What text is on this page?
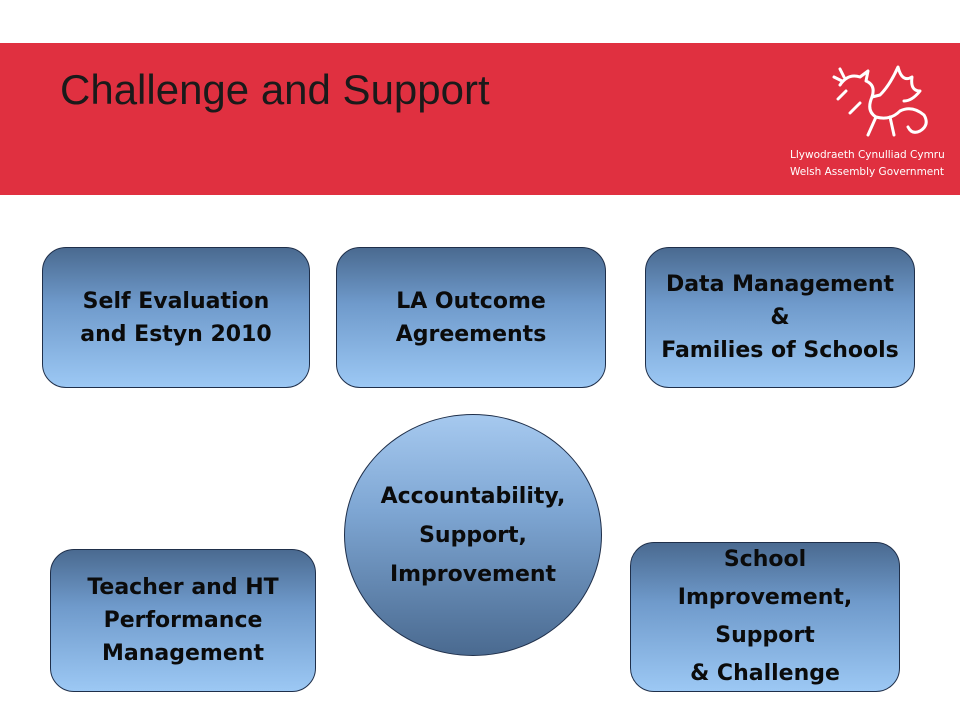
Challenge and Support
Llywodraeth Cynulliad Cymru
Welsh Assembly Government
Self Evaluation
and Estyn 2010
LA Outcome
Agreements
Data Management
&
Families of Schools
Accountability,
Support,
Improvement
Teacher and HT
Performance
Management
School
Improvement,
Support
& Challenge
